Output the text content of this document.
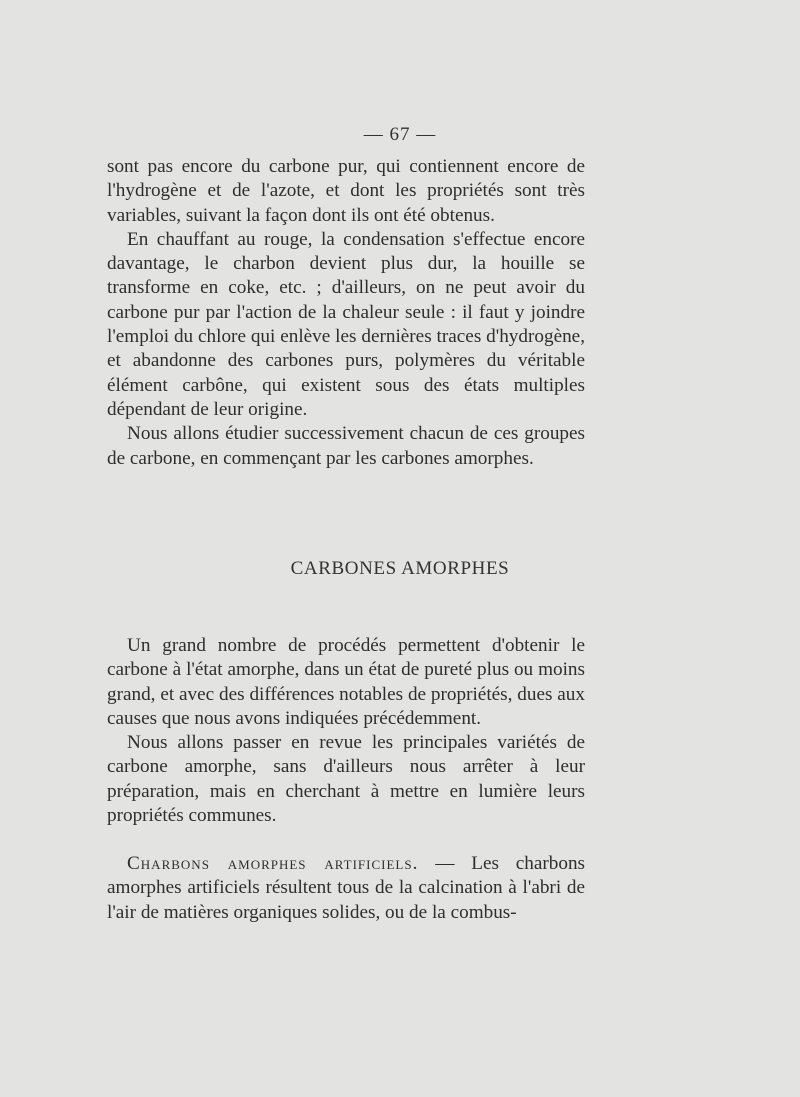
— 67 —

sont pas encore du carbone pur, qui contiennent encore de l'hydrogène et de l'azote, et dont les propriétés sont très variables, suivant la façon dont ils ont été obtenus.

En chauffant au rouge, la condensation s'effectue encore davantage, le charbon devient plus dur, la houille se transforme en coke, etc. ; d'ailleurs, on ne peut avoir du carbone pur par l'action de la chaleur seule : il faut y joindre l'emploi du chlore qui enlève les dernières traces d'hydrogène, et abandonne des carbones purs, polymères du véritable élément carbône, qui existent sous des états multiples dépendant de leur origine.

Nous allons étudier successivement chacun de ces groupes de carbone, en commençant par les carbones amorphes.

CARBONES AMORPHES

Un grand nombre de procédés permettent d'obtenir le carbone à l'état amorphe, dans un état de pureté plus ou moins grand, et avec des différences notables de propriétés, dues aux causes que nous avons indiquées précédemment.

Nous allons passer en revue les principales variétés de carbone amorphe, sans d'ailleurs nous arrêter à leur préparation, mais en cherchant à mettre en lumière leurs propriétés communes.

Charbons amorphes artificiels. — Les charbons amorphes artificiels résultent tous de la calcination à l'abri de l'air de matières organiques solides, ou de la combus-
